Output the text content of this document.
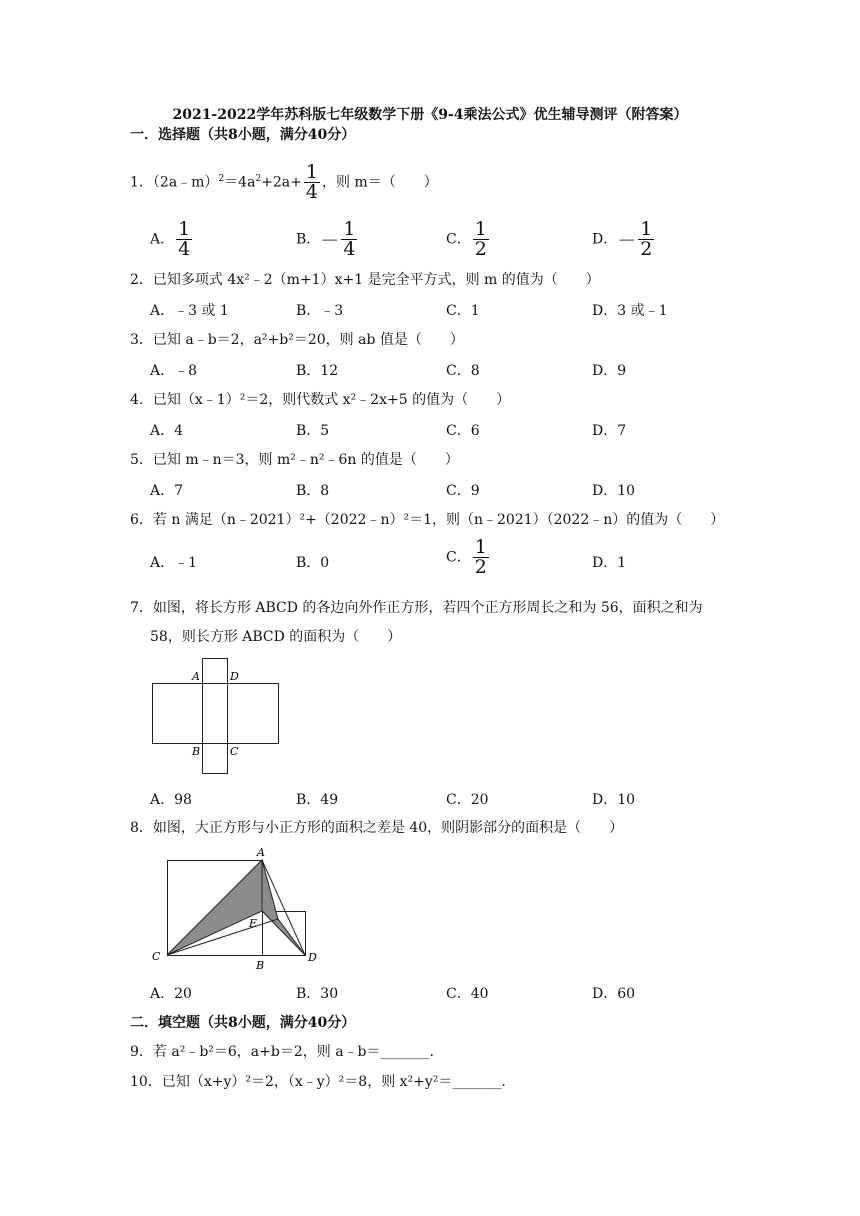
2021-2022学年苏科版七年级数学下册《9-4乘法公式》优生辅导测评（附答案）
一．选择题（共8小题，满分40分）
1．$(2a﹣m)^2=4a^2+2a+ \frac{1}{4}$ ，则 m＝（　　）
A． $\frac{1}{4}$	B．－ $\frac{1}{4}$	C． $\frac{1}{2}$	D．－ $\frac{1}{2}$
2．已知多项式 4x²﹣2（m+1）x+1 是完全平方式，则 m 的值为（　　）
A．﹣3 或 1	B．﹣3	C．1	D．3 或﹣1
3．已知 a﹣b＝2，a²+b²＝20，则 ab 值是（　　）
A．﹣8	B．12	C．8	D．9
4．已知（x﹣1）²＝2，则代数式 x²﹣2x+5 的值为（　　）
A．4	B．5	C．6	D．7
5．已知 m﹣n＝3，则 m²﹣n²﹣6n 的值是（　　）
A．7	B．8	C．9	D．10
6．若 n 满足（n﹣2021）²+（2022﹣n）²＝1，则（n﹣2021）（2022﹣n）的值为（　　）
A．﹣1	B．0	C． $\frac{1}{2}$	D．1
7．如图，将长方形 ABCD 的各边向外作正方形，若四个正方形周长之和为 56，面积之和为
58，则长方形 ABCD 的面积为（　　）
A	D
B	C
A．98	B．49	C．20	D．10
8．如图，大正方形与小正方形的面积之差是 40，则阴影部分的面积是（　　）
A
C
B
D
E
A．20	B．30	C．40	D．60
二．填空题（共8小题，满分40分）
9．若 a²﹣b²＝6，a+b＝2，则 a﹣b＝_______.
10．已知（x+y）²＝2，（x﹣y）²＝8，则 x²+y²＝_______.
